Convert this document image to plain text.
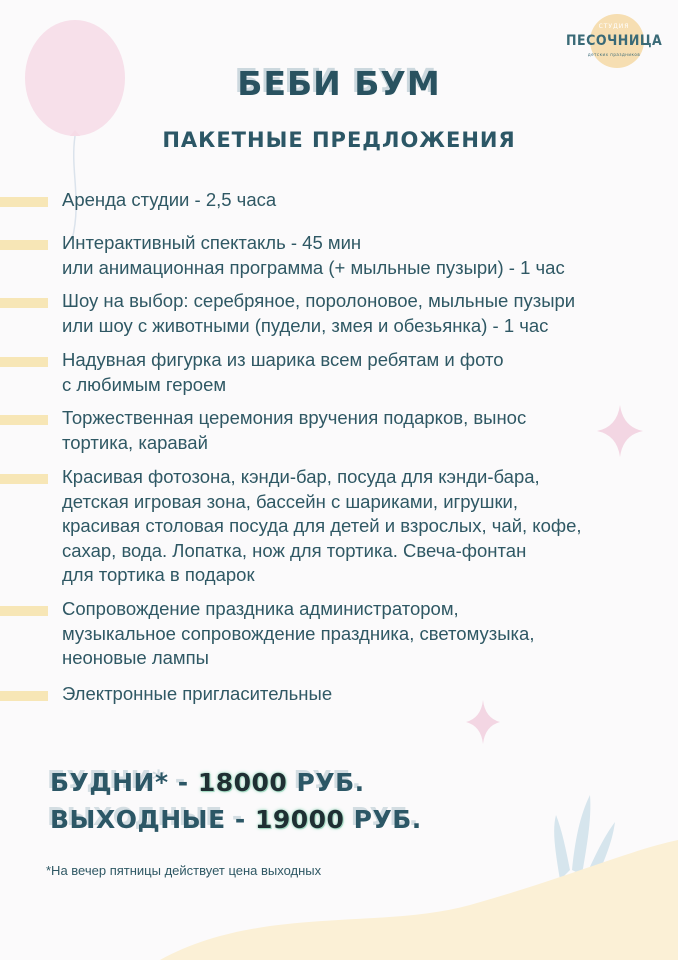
СТУДИЯ
ПЕСОЧНИЦА
детских праздников
БЕБИ БУМ
ПАКЕТНЫЕ ПРЕДЛОЖЕНИЯ
Аренда студии - 2,5 часа
Интерактивный спектакль - 45 мин
или анимационная программа (+ мыльные пузыри) - 1 час
Шоу на выбор: серебряное, поролоновое, мыльные пузыри
или шоу с животными (пудели, змея и обезьянка) - 1 час
Надувная фигурка из шарика всем ребятам и фото
с любимым героем
Торжественная церемония вручения подарков, вынос
тортика, каравай
Красивая фотозона, кэнди-бар, посуда для кэнди-бара,
детская игровая зона, бассейн с шариками, игрушки,
красивая столовая посуда для детей и взрослых, чай, кофе,
сахар, вода. Лопатка, нож для тортика. Свеча-фонтан
для тортика в подарок
Сопровождение праздника администратором,
музыкальное сопровождение праздника, светомузыка,
неоновые лампы
Электронные пригласительные
БУДНИ* - 18000 РУБ.
ВЫХОДНЫЕ - 19000 РУБ.
*На вечер пятницы действует цена выходных
